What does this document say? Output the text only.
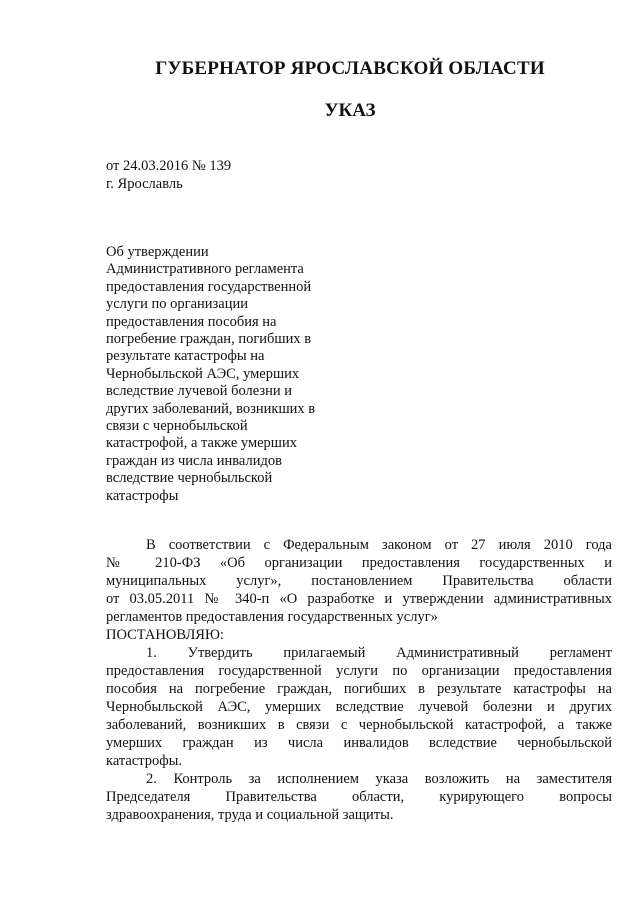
ГУБЕРНАТОР ЯРОСЛАВСКОЙ ОБЛАСТИ
УКАЗ
от 24.03.2016 № 139
г. Ярославль
Об утверждении
Административного регламента
предоставления государственной
услуги по организации
предоставления пособия на
погребение граждан, погибших в
результате катастрофы на
Чернобыльской АЭС, умерших
вследствие лучевой болезни и
других заболеваний, возникших в
связи с чернобыльской
катастрофой, а также умерших
граждан из числа инвалидов
вследствие чернобыльской
катастрофы
В соответствии с Федеральным законом от 27 июля 2010 года
№ 210-ФЗ «Об организации предоставления государственных и
муниципальных услуг», постановлением Правительства области
от 03.05.2011 № 340-п «О разработке и утверждении административных
регламентов предоставления государственных услуг»
ПОСТАНОВЛЯЮ:
1. Утвердить прилагаемый Административный регламент
предоставления государственной услуги по организации предоставления
пособия на погребение граждан, погибших в результате катастрофы на
Чернобыльской АЭС, умерших вследствие лучевой болезни и других
заболеваний, возникших в связи с чернобыльской катастрофой, а также
умерших граждан из числа инвалидов вследствие чернобыльской
катастрофы.
2. Контроль за исполнением указа возложить на заместителя
Председателя Правительства области, курирующего вопросы
здравоохранения, труда и социальной защиты.
